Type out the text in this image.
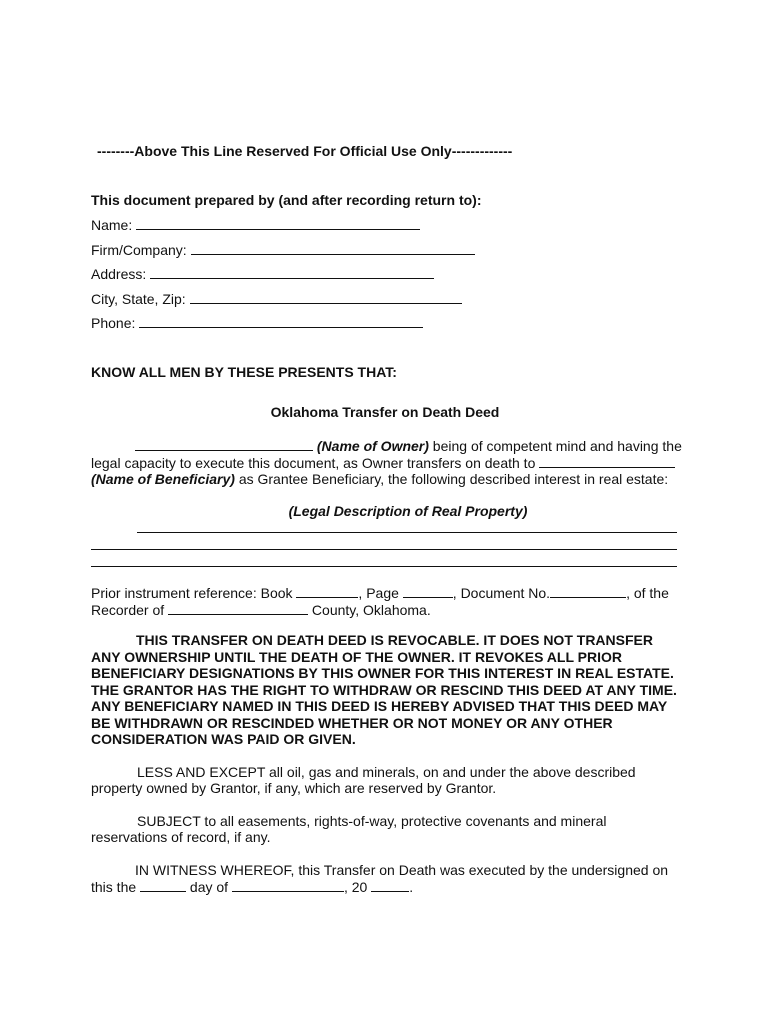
--------Above This Line Reserved For Official Use Only-------------
This document prepared by (and after recording return to):
Name:
Firm/Company:
Address:
City, State, Zip:
Phone:
KNOW ALL MEN BY THESE PRESENTS THAT:
Oklahoma Transfer on Death Deed
(Name of Owner) being of competent mind and having the
legal capacity to execute this document, as Owner transfers on death to
(Name of Beneficiary) as Grantee Beneficiary, the following described interest in real estate:
(Legal Description of Real Property)
Prior instrument reference: Book	, Page	, Document No.	, of the
Recorder of	County, Oklahoma.
THIS TRANSFER ON DEATH DEED IS REVOCABLE. IT DOES NOT TRANSFER
ANY OWNERSHIP UNTIL THE DEATH OF THE OWNER. IT REVOKES ALL PRIOR
BENEFICIARY DESIGNATIONS BY THIS OWNER FOR THIS INTEREST IN REAL ESTATE.
THE GRANTOR HAS THE RIGHT TO WITHDRAW OR RESCIND THIS DEED AT ANY TIME.
ANY BENEFICIARY NAMED IN THIS DEED IS HEREBY ADVISED THAT THIS DEED MAY
BE WITHDRAWN OR RESCINDED WHETHER OR NOT MONEY OR ANY OTHER
CONSIDERATION WAS PAID OR GIVEN.
LESS AND EXCEPT all oil, gas and minerals, on and under the above described
property owned by Grantor, if any, which are reserved by Grantor.
SUBJECT to all easements, rights-of-way, protective covenants and mineral
reservations of record, if any.
IN WITNESS WHEREOF, this Transfer on Death was executed by the undersigned on
this the	day of	, 20	.
